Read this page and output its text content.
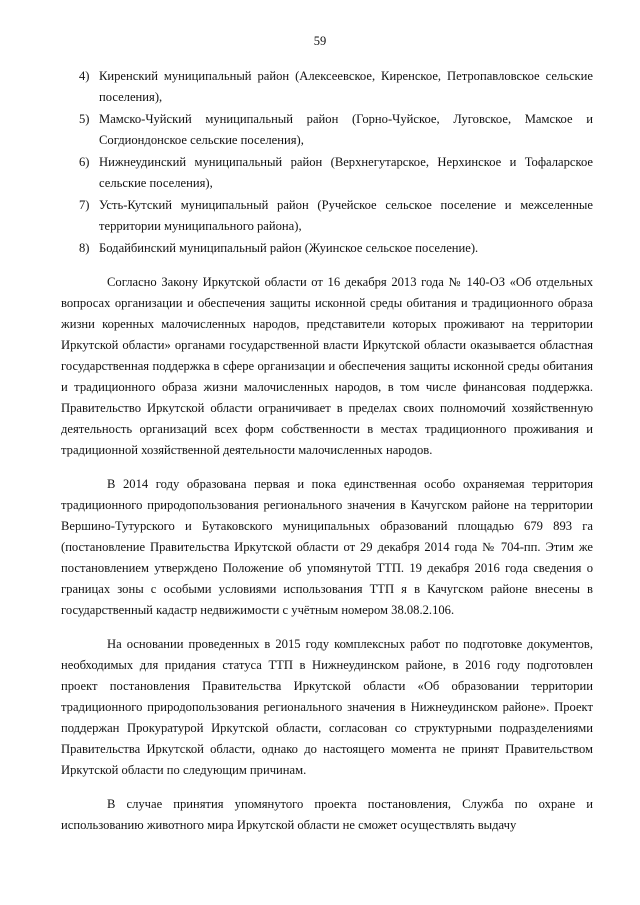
59
4) Киренский муниципальный район (Алексеевское, Киренское, Петропавловское сельские поселения),
5) Мамско-Чуйский муниципальный район (Горно-Чуйское, Луговское, Мамское и Согдиондонское сельские поселения),
6) Нижнеудинский муниципальный район (Верхнегутарское, Нерхинское и Тофаларское сельские поселения),
7) Усть-Кутский муниципальный район (Ручейское сельское поселение и межселенные территории муниципального района),
8) Бодайбинский муниципальный район (Жуинское сельское поселение).

Согласно Закону Иркутской области от 16 декабря 2013 года № 140-ОЗ «Об отдельных вопросах организации и обеспечения защиты исконной среды обитания и традиционного образа жизни коренных малочисленных народов, представители которых проживают на территории Иркутской области» органами государственной власти Иркутской области оказывается областная государственная поддержка в сфере организации и обеспечения защиты исконной среды обитания и традиционного образа жизни малочисленных народов, в том числе финансовая поддержка. Правительство Иркутской области ограничивает в пределах своих полномочий хозяйственную деятельность организаций всех форм собственности в местах традиционного проживания и традиционной хозяйственной деятельности малочисленных народов.

В 2014 году образована первая и пока единственная особо охраняемая территория традиционного природопользования регионального значения в Качугском районе на территории Вершино-Тутурского и Бутаковского муниципальных образований площадью 679 893 га (постановление Правительства Иркутской области от 29 декабря 2014 года № 704-пп. Этим же постановлением утверждено Положение об упомянутой ТТП. 19 декабря 2016 года сведения о границах зоны с особыми условиями использования ТТП я в Качугском районе внесены в государственный кадастр недвижимости с учётным номером 38.08.2.106.

На основании проведенных в 2015 году комплексных работ по подготовке документов, необходимых для придания статуса ТТП в Нижнеудинском районе, в 2016 году подготовлен проект постановления Правительства Иркутской области «Об образовании территории традиционного природопользования регионального значения в Нижнеудинском районе». Проект поддержан Прокуратурой Иркутской области, согласован со структурными подразделениями Правительства Иркутской области, однако до настоящего момента не принят Правительством Иркутской области по следующим причинам.

В случае принятия упомянутого проекта постановления, Служба по охране и использованию животного мира Иркутской области не сможет осуществлять выдачу
